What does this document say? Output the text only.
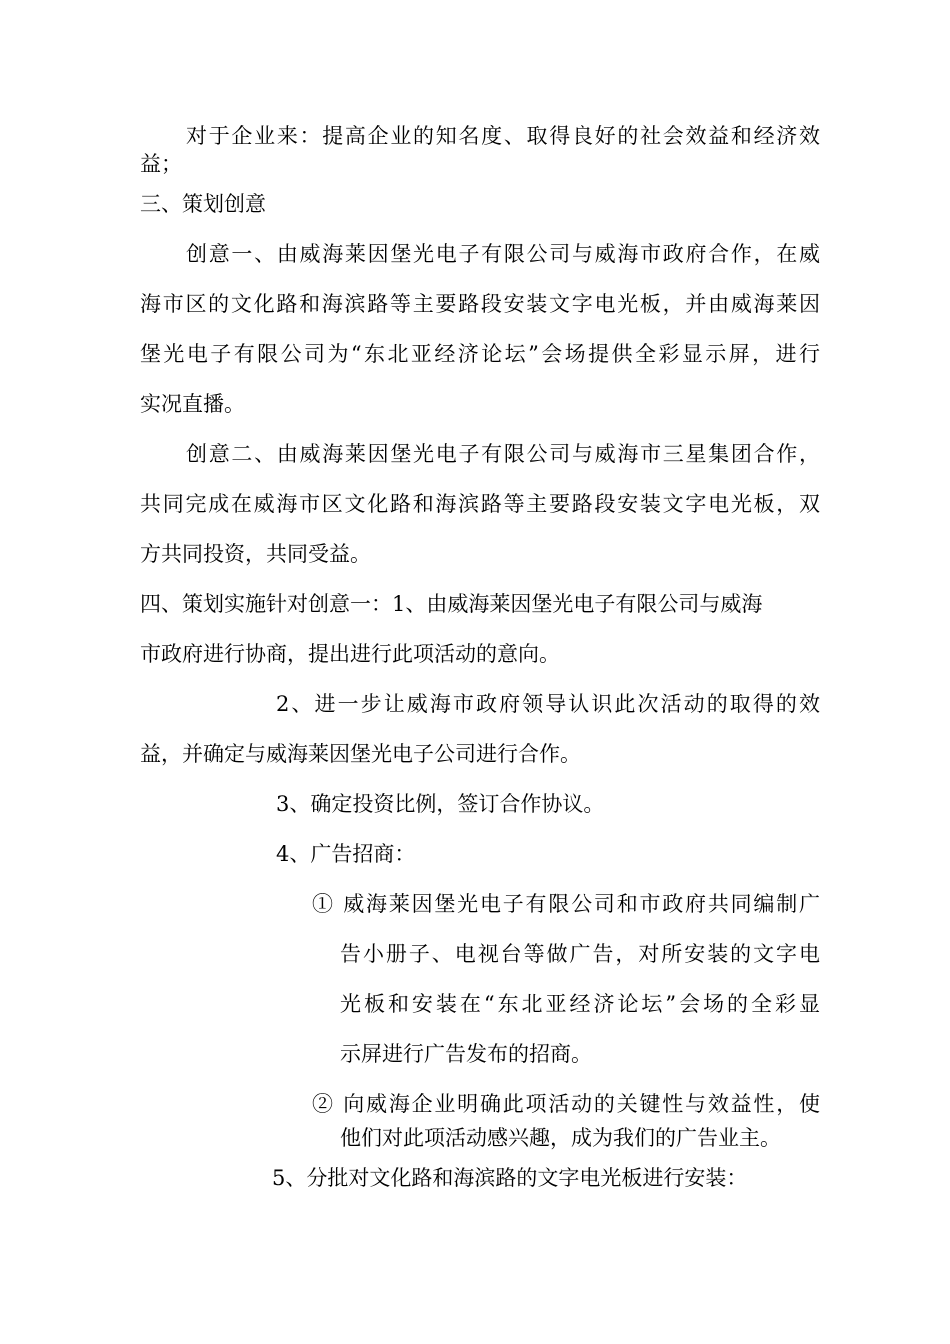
对于企业来：提高企业的知名度、取得良好的社会效益和经济效

益；

三、策划创意

创意一、由威海莱因堡光电子有限公司与威海市政府合作，在威

海市区的文化路和海滨路等主要路段安装文字电光板，并由威海莱因

堡光电子有限公司为“东北亚经济论坛”会场提供全彩显示屏，进行

实况直播。

创意二、由威海莱因堡光电子有限公司与威海市三星集团合作，

共同完成在威海市区文化路和海滨路等主要路段安装文字电光板，双

方共同投资，共同受益。

四、策划实施针对创意一：1、由威海莱因堡光电子有限公司与威海

市政府进行协商，提出进行此项活动的意向。

2、进一步让威海市政府领导认识此次活动的取得的效

益，并确定与威海莱因堡光电子公司进行合作。

3、确定投资比例，签订合作协议。

4、广告招商：

① 威海莱因堡光电子有限公司和市政府共同编制广

告小册子、电视台等做广告，对所安装的文字电

光板和安装在“东北亚经济论坛”会场的全彩显

示屏进行广告发布的招商。

② 向威海企业明确此项活动的关键性与效益性，使

他们对此项活动感兴趣，成为我们的广告业主。

5、分批对文化路和海滨路的文字电光板进行安装：
